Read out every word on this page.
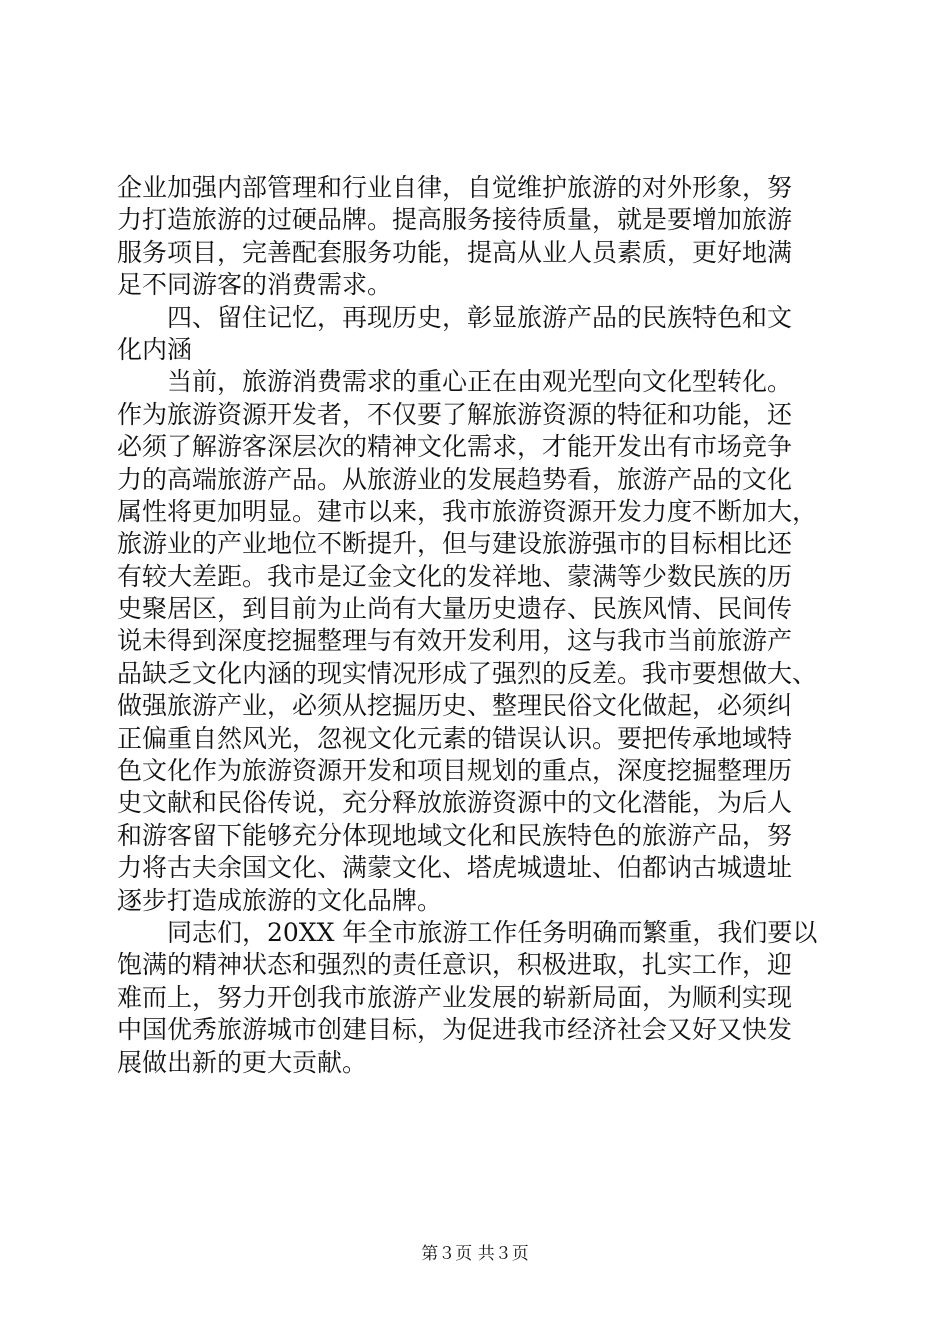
企业加强内部管理和行业自律，自觉维护旅游的对外形象，努
力打造旅游的过硬品牌。提高服务接待质量，就是要增加旅游
服务项目，完善配套服务功能，提高从业人员素质，更好地满
足不同游客的消费需求。
　　四、留住记忆，再现历史，彰显旅游产品的民族特色和文
化内涵
　　当前，旅游消费需求的重心正在由观光型向文化型转化。
作为旅游资源开发者，不仅要了解旅游资源的特征和功能，还
必须了解游客深层次的精神文化需求，才能开发出有市场竞争
力的高端旅游产品。从旅游业的发展趋势看，旅游产品的文化
属性将更加明显。建市以来，我市旅游资源开发力度不断加大，
旅游业的产业地位不断提升，但与建设旅游强市的目标相比还
有较大差距。我市是辽金文化的发祥地、蒙满等少数民族的历
史聚居区，到目前为止尚有大量历史遗存、民族风情、民间传
说未得到深度挖掘整理与有效开发利用，这与我市当前旅游产
品缺乏文化内涵的现实情况形成了强烈的反差。我市要想做大、
做强旅游产业，必须从挖掘历史、整理民俗文化做起，必须纠
正偏重自然风光，忽视文化元素的错误认识。要把传承地域特
色文化作为旅游资源开发和项目规划的重点，深度挖掘整理历
史文献和民俗传说，充分释放旅游资源中的文化潜能，为后人
和游客留下能够充分体现地域文化和民族特色的旅游产品，努
力将古夫余国文化、满蒙文化、塔虎城遗址、伯都讷古城遗址
逐步打造成旅游的文化品牌。
　　同志们，20XX 年全市旅游工作任务明确而繁重，我们要以
饱满的精神状态和强烈的责任意识，积极进取，扎实工作，迎
难而上，努力开创我市旅游产业发展的崭新局面，为顺利实现
中国优秀旅游城市创建目标，为促进我市经济社会又好又快发
展做出新的更大贡献。
第３页 共３页
